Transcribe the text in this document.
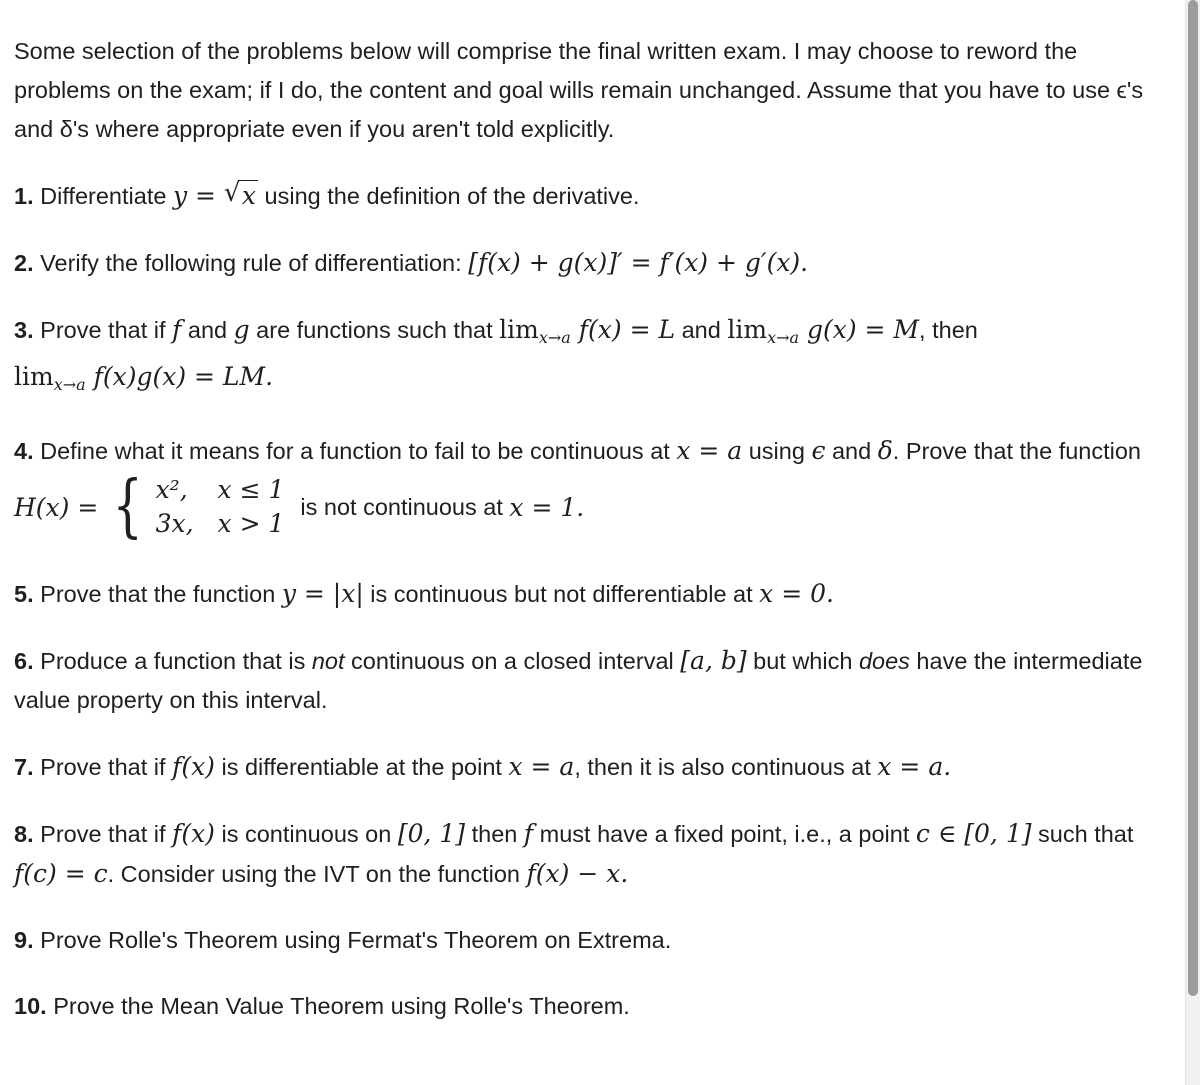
Some selection of the problems below will comprise the final written exam. I may choose to reword the problems on the exam; if I do, the content and goal wills remain unchanged. Assume that you have to use ϵ's and δ's where appropriate even if you aren't told explicitly.

1. Differentiate y = √ x using the definition of the derivative.

2. Verify the following rule of differentiation: [f(x) + g(x)]′ = f′(x) + g′(x).

3. Prove that if f and g are functions such that $\lim_{x\to a} f(x) = L$ and $\lim_{x\to a} g(x) = M$, then
$\lim_{x\to a} f(x)g(x)$ = LM.

4. Define what it means for a function to fail to be continuous at x = a using ϵ and δ. Prove that the function
H(x) = { x², x ≤ 1
3x, x > 1
is not continuous at
x = 1.

5. Prove that the function y = |x| is continuous but not differentiable at x = 0.

6. Produce a function that is not continuous on a closed interval [a, b] but which does have the intermediate value property on this interval.

7. Prove that if f(x) is differentiable at the point x = a, then it is also continuous at x = a.

8. Prove that if f(x) is continuous on [0, 1] then f must have a fixed point, i.e., a point c ∈ [0, 1] such that f(c) = c. Consider using the IVT on the function f(x) − x.

9. Prove Rolle's Theorem using Fermat's Theorem on Extrema.

10. Prove the Mean Value Theorem using Rolle's Theorem.
